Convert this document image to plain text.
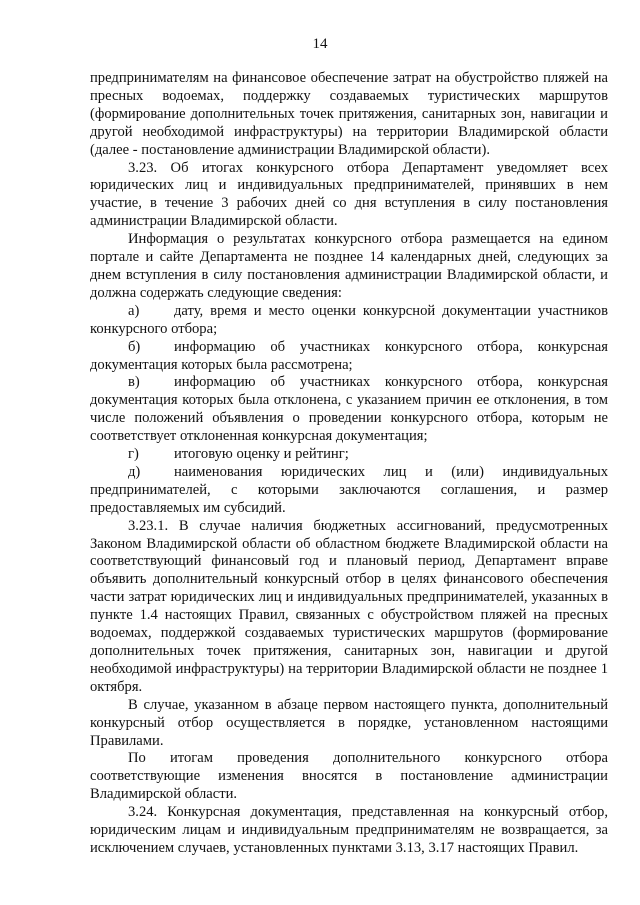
14

предпринимателям на финансовое обеспечение затрат на обустройство пляжей на пресных водоемах, поддержку создаваемых туристических маршрутов (формирование дополнительных точек притяжения, санитарных зон, навигации и другой необходимой инфраструктуры) на территории Владимирской области (далее - постановление администрации Владимирской области).

3.23. Об итогах конкурсного отбора Департамент уведомляет всех юридических лиц и индивидуальных предпринимателей, принявших в нем участие, в течение 3 рабочих дней со дня вступления в силу постановления администрации Владимирской области.

Информация о результатах конкурсного отбора размещается на едином портале и сайте Департамента не позднее 14 календарных дней, следующих за днем вступления в силу постановления администрации Владимирской области, и должна содержать следующие сведения:

а) дату, время и место оценки конкурсной документации участников конкурсного отбора;

б) информацию об участниках конкурсного отбора, конкурсная документация которых была рассмотрена;

в) информацию об участниках конкурсного отбора, конкурсная документация которых была отклонена, с указанием причин ее отклонения, в том числе положений объявления о проведении конкурсного отбора, которым не соответствует отклоненная конкурсная документация;

г) итоговую оценку и рейтинг;

д) наименования юридических лиц и (или) индивидуальных предпринимателей, с которыми заключаются соглашения, и размер предоставляемых им субсидий.

3.23.1. В случае наличия бюджетных ассигнований, предусмотренных Законом Владимирской области об областном бюджете Владимирской области на соответствующий финансовый год и плановый период, Департамент вправе объявить дополнительный конкурсный отбор в целях финансового обеспечения части затрат юридических лиц и индивидуальных предпринимателей, указанных в пункте 1.4 настоящих Правил, связанных с обустройством пляжей на пресных водоемах, поддержкой создаваемых туристических маршрутов (формирование дополнительных точек притяжения, санитарных зон, навигации и другой необходимой инфраструктуры) на территории Владимирской области не позднее 1 октября.

В случае, указанном в абзаце первом настоящего пункта, дополнительный конкурсный отбор осуществляется в порядке, установленном настоящими Правилами.

По итогам проведения дополнительного конкурсного отбора соответствующие изменения вносятся в постановление администрации Владимирской области.

3.24. Конкурсная документация, представленная на конкурсный отбор, юридическим лицам и индивидуальным предпринимателям не возвращается, за исключением случаев, установленных пунктами 3.13, 3.17 настоящих Правил.
